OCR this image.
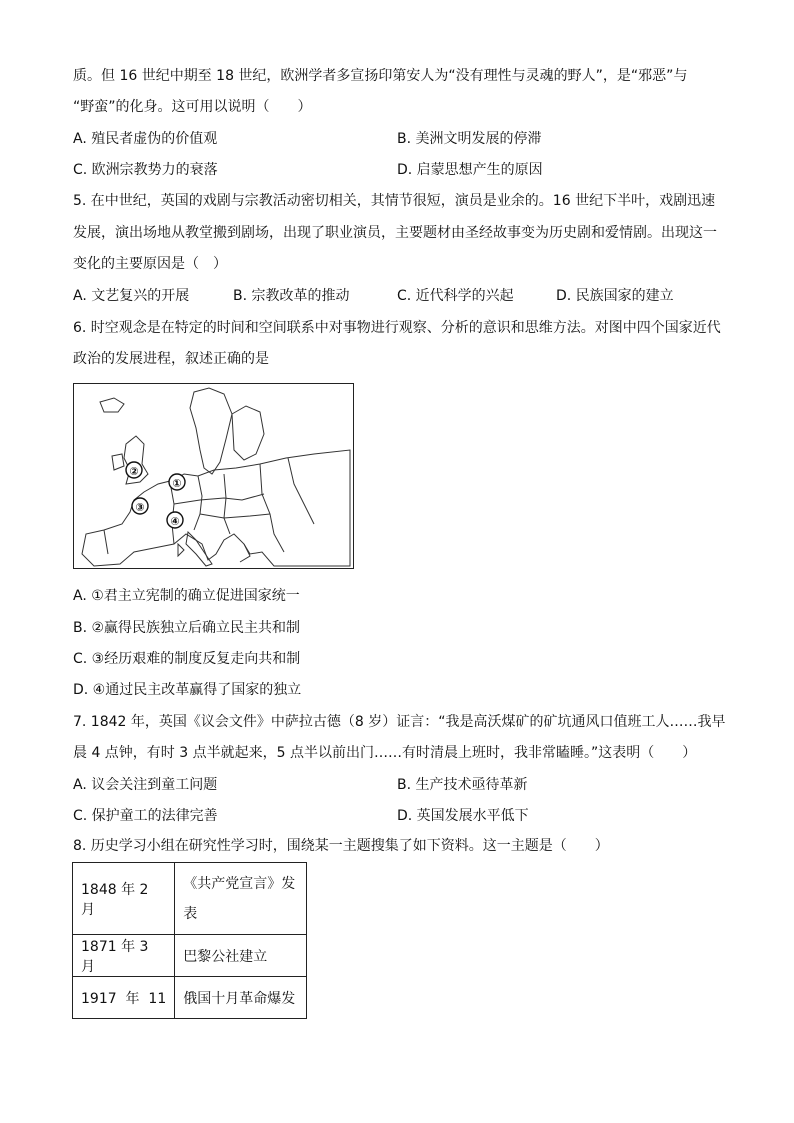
质。但 16 世纪中期至 18 世纪，欧洲学者多宣扬印第安人为“没有理性与灵魂的野人”，是“邪恶”与
“野蛮”的化身。这可用以说明（　　）
A. 殖民者虚伪的价值观	B. 美洲文明发展的停滞
C. 欧洲宗教势力的衰落	D. 启蒙思想产生的原因
5. 在中世纪，英国的戏剧与宗教活动密切相关，其情节很短，演员是业余的。16 世纪下半叶，戏剧迅速
发展，演出场地从教堂搬到剧场，出现了职业演员，主要题材由圣经故事变为历史剧和爱情剧。出现这一
变化的主要原因是（　）
A. 文艺复兴的开展	B. 宗教改革的推动	C. 近代科学的兴起	D. 民族国家的建立
6. 时空观念是在特定的时间和空间联系中对事物进行观察、分析的意识和思维方法。对图中四个国家近代
政治的发展进程，叙述正确的是
②
①
③
④
A. ①君主立宪制的确立促进国家统一
B. ②赢得民族独立后确立民主共和制
C. ③经历艰难的制度反复走向共和制
D. ④通过民主改革赢得了国家的独立
7. 1842 年，英国《议会文件》中萨拉古德（8 岁）证言：“我是高沃煤矿的矿坑通风口值班工人……我早
晨 4 点钟，有时 3 点半就起来，5 点半以前出门……有时清晨上班时，我非常瞌睡。”这表明（　　）
A. 议会关注到童工问题	B. 生产技术亟待革新
C. 保护童工的法律完善	D. 英国发展水平低下
8. 历史学习小组在研究性学习时，围绕某一主题搜集了如下资料。这一主题是（　　）
1848 年 2 月	《共产党宣言》发
表
1871 年 3 月	巴黎公社建立
1917  年  11	俄国十月革命爆发
